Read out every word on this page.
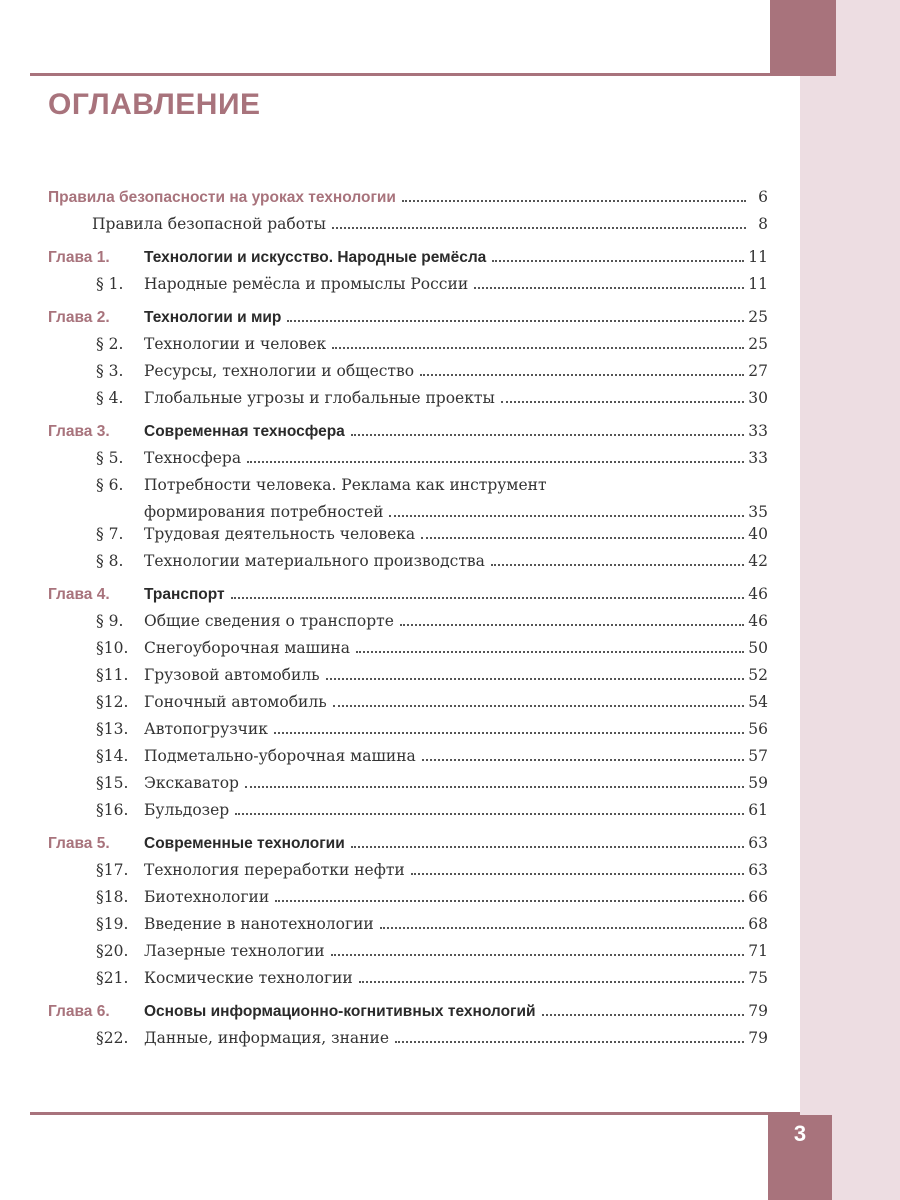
ОГЛАВЛЕНИЕ
Правила безопасности на уроках технологии	6
Правила безопасной работы	8
Глава 1.	Технологии и искусство. Народные ремёсла	11
§ 1.	Народные ремёсла и промыслы России	11
Глава 2.	Технологии и мир	25
§ 2.	Технологии и человек	25
§ 3.	Ресурсы, технологии и общество	27
§ 4.	Глобальные угрозы и глобальные проекты	30
Глава 3.	Современная техносфера	33
§ 5.	Техносфера	33
§ 6.	Потребности человека. Реклама как инструмент
формирования потребностей	35
§ 7.	Трудовая деятельность человека	40
§ 8.	Технологии материального производства	42
Глава 4.	Транспорт	46
§ 9.	Общие сведения о транспорте	46
§10.	Снегоуборочная машина	50
§11.	Грузовой автомобиль	52
§12.	Гоночный автомобиль	54
§13.	Автопогрузчик	56
§14.	Подметально-уборочная машина	57
§15.	Экскаватор	59
§16.	Бульдозер	61
Глава 5.	Современные технологии	63
§17.	Технология переработки нефти	63
§18.	Биотехнологии	66
§19.	Введение в нанотехнологии	68
§20.	Лазерные технологии	71
§21.	Космические технологии	75
Глава 6.	Основы информационно-когнитивных технологий	79
§22.	Данные, информация, знание	79
3
